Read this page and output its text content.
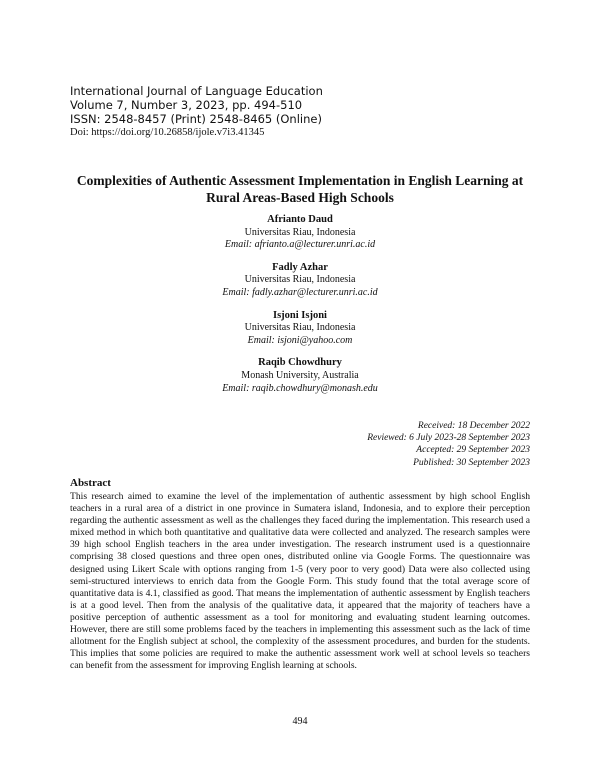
International Journal of Language Education
Volume 7, Number 3, 2023, pp. 494-510
ISSN: 2548-8457 (Print) 2548-8465 (Online)
Doi: https://doi.org/10.26858/ijole.v7i3.41345
Complexities of Authentic Assessment Implementation in English Learning at
Rural Areas-Based High Schools
Afrianto Daud
Universitas Riau, Indonesia
Email: afrianto.a@lecturer.unri.ac.id
Fadly Azhar
Universitas Riau, Indonesia
Email: fadly.azhar@lecturer.unri.ac.id
Isjoni Isjoni
Universitas Riau, Indonesia
Email: isjoni@yahoo.com
Raqib Chowdhury
Monash University, Australia
Email: raqib.chowdhury@monash.edu
Received: 18 December 2022
Reviewed: 6 July 2023-28 September 2023
Accepted: 29 September 2023
Published: 30 September 2023
Abstract

This research aimed to examine the level of the implementation of authentic assessment by high school English teachers in a rural area of a district in one province in Sumatera island, Indonesia, and to explore their perception regarding the authentic assessment as well as the challenges they faced during the implementation. This research used a mixed method in which both quantitative and qualitative data were collected and analyzed. The research samples were 39 high school English teachers in the area under investigation. The research instrument used is a questionnaire comprising 38 closed questions and three open ones, distributed online via Google Forms. The questionnaire was designed using Likert Scale with options ranging from 1-5 (very poor to very good) Data were also collected using semi-structured interviews to enrich data from the Google Form. This study found that the total average score of quantitative data is 4.1, classified as good. That means the implementation of authentic assessment by English teachers is at a good level. Then from the analysis of the qualitative data, it appeared that the majority of teachers have a positive perception of authentic assessment as a tool for monitoring and evaluating student learning outcomes. However, there are still some problems faced by the teachers in implementing this assessment such as the lack of time allotment for the English subject at school, the complexity of the assessment procedures, and burden for the students. This implies that some policies are required to make the authentic assessment work well at school levels so teachers can benefit from the assessment for improving English learning at schools.

494
